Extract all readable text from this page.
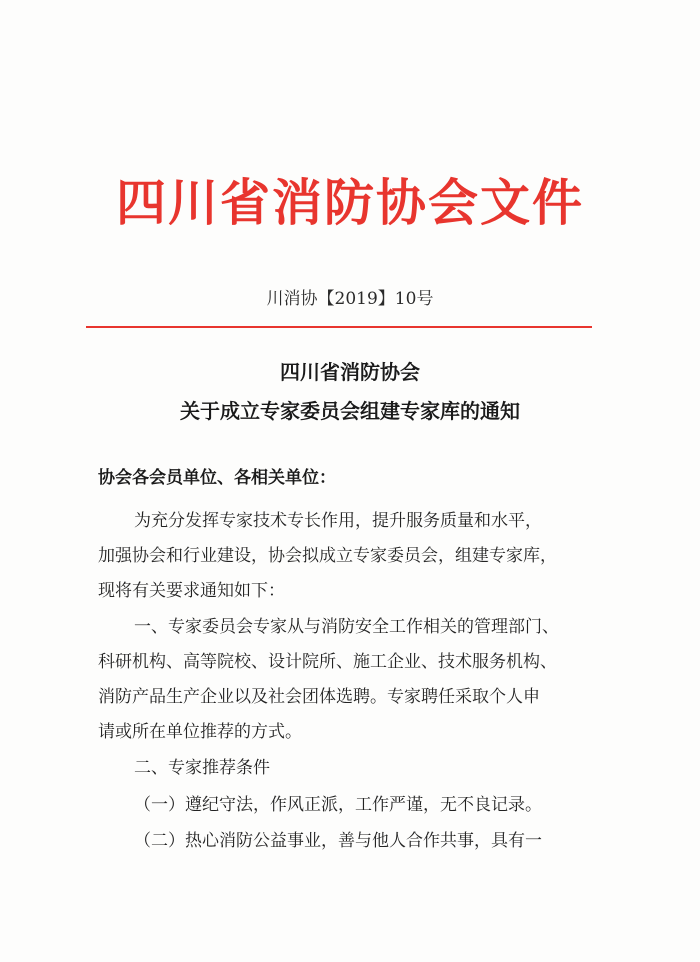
四川省消防协会文件
川消协【2019】10号
四川省消防协会
关于成立专家委员会组建专家库的通知
协会各会员单位、各相关单位：
为充分发挥专家技术专长作用，提升服务质量和水平，
加强协会和行业建设，协会拟成立专家委员会，组建专家库，
现将有关要求通知如下：
一、专家委员会专家从与消防安全工作相关的管理部门、
科研机构、高等院校、设计院所、施工企业、技术服务机构、
消防产品生产企业以及社会团体选聘。专家聘任采取个人申
请或所在单位推荐的方式。
二、专家推荐条件
（一）遵纪守法，作风正派，工作严谨，无不良记录。
（二）热心消防公益事业，善与他人合作共事，具有一
